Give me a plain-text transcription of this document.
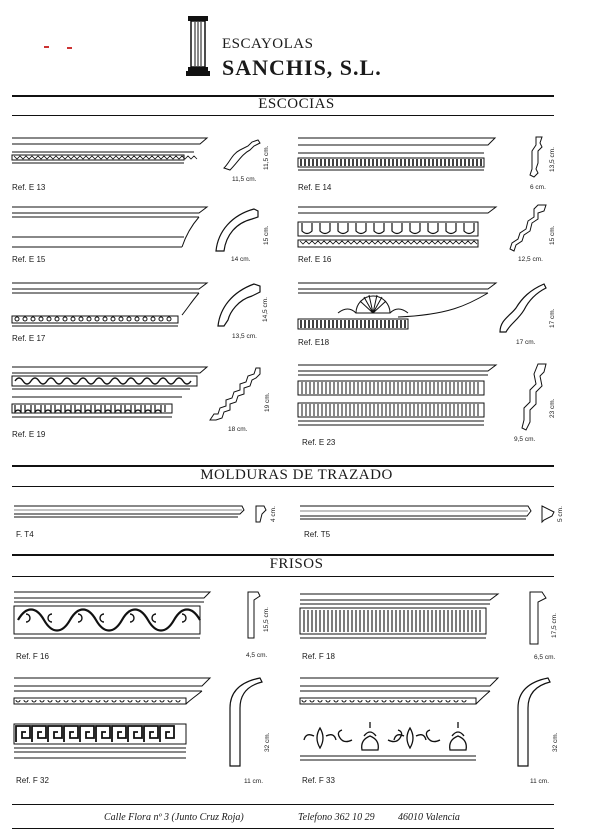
ESCAYOLAS
SANCHIS, S.L.
ESCOCIAS
Ref. E 13
11,5 cm.
11,5 cm.
Ref. E 14	6 cm.
13,5 cm.
Ref. E 15	14 cm.
15 cm.
Ref. E 16	12,5 cm.
15 cm.
Ref. E 17	13,5 cm.
14,5 cm.
Ref. E18	17 cm.
17 cm.
Ref. E 19
18 cm.
19 cm.
Ref. E 23	9,5 cm.
23 cm.
MOLDURAS DE TRAZADO
F. T4
4 cm.
Ref. T5
5 cm.
FRISOS
Ref. F 16	4,5 cm.
15,5 cm.
Ref. F 18	6,5 cm.
17,5 cm.
Ref. F 32	11 cm.
32 cm.
Ref. F 33	11 cm.
32 cm.
Calle Flora nº 3 (Junto Cruz Roja)	Telefono 362 10 29 46010 Valencia
